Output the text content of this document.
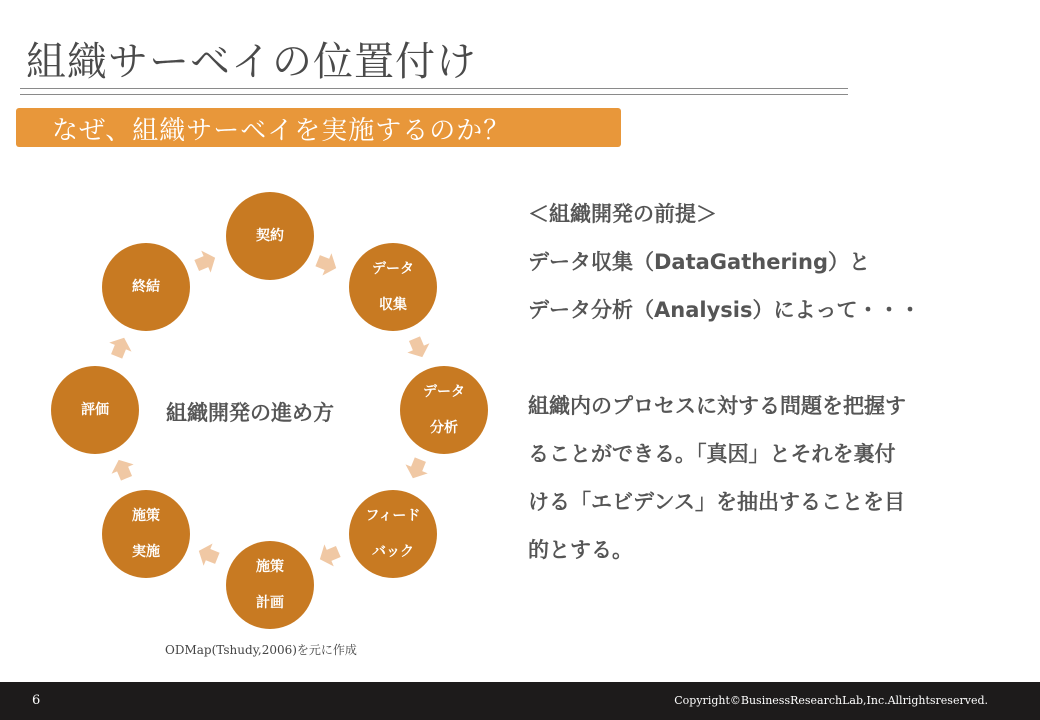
組織サーベイの位置付け
なぜ、組織サーベイを実施するのか？
契約
データ
収集
データ
分析
フィード
バック
施策
計画
施策
実施
評価
終結
組織開発の進め方
ODMap(Tshudy,2006)を元に作成
＜組織開発の前提＞
データ収集（DataGathering）と
データ分析（Analysis）によって・・・
組織内のプロセスに対する問題を把握す
ることができる。「真因」とそれを裏付
ける「エビデンス」を抽出することを目
的とする。
6	Copyright©BusinessResearchLab,Inc.Allrightsreserved.
